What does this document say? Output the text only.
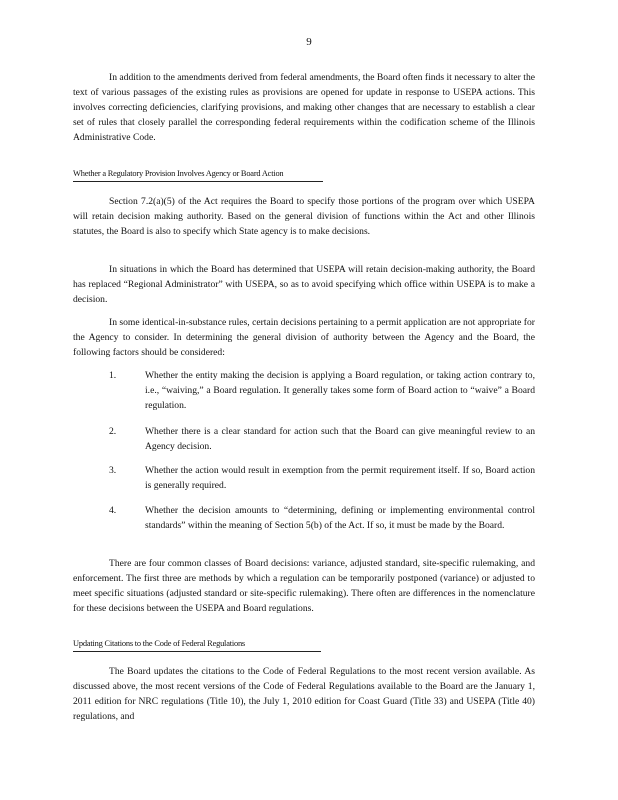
9

In addition to the amendments derived from federal amendments, the Board often finds it necessary to alter the text of various passages of the existing rules as provisions are opened for update in response to USEPA actions. This involves correcting deficiencies, clarifying provisions, and making other changes that are necessary to establish a clear set of rules that closely parallel the corresponding federal requirements within the codification scheme of the Illinois Administrative Code.

Whether a Regulatory Provision Involves Agency or Board Action

Section 7.2(a)(5) of the Act requires the Board to specify those portions of the program over which USEPA will retain decision making authority. Based on the general division of functions within the Act and other Illinois statutes, the Board is also to specify which State agency is to make decisions.

In situations in which the Board has determined that USEPA will retain decision-making authority, the Board has replaced “Regional Administrator” with USEPA, so as to avoid specifying which office within USEPA is to make a decision.

In some identical-in-substance rules, certain decisions pertaining to a permit application are not appropriate for the Agency to consider. In determining the general division of authority between the Agency and the Board, the following factors should be considered:

1.	Whether the entity making the decision is applying a Board regulation, or taking action contrary to, i.e., “waiving,” a Board regulation. It generally takes some form of Board action to “waive” a Board regulation.
2.	Whether there is a clear standard for action such that the Board can give meaningful review to an Agency decision.
3.	Whether the action would result in exemption from the permit requirement itself. If so, Board action is generally required.
4.	Whether the decision amounts to “determining, defining or implementing environmental control standards” within the meaning of Section 5(b) of the Act. If so, it must be made by the Board.

There are four common classes of Board decisions: variance, adjusted standard, site-specific rulemaking, and enforcement. The first three are methods by which a regulation can be temporarily postponed (variance) or adjusted to meet specific situations (adjusted standard or site-specific rulemaking). There often are differences in the nomenclature for these decisions between the USEPA and Board regulations.

Updating Citations to the Code of Federal Regulations

The Board updates the citations to the Code of Federal Regulations to the most recent version available. As discussed above, the most recent versions of the Code of Federal Regulations available to the Board are the January 1, 2011 edition for NRC regulations (Title 10), the July 1, 2010 edition for Coast Guard (Title 33) and USEPA (Title 40) regulations, and
